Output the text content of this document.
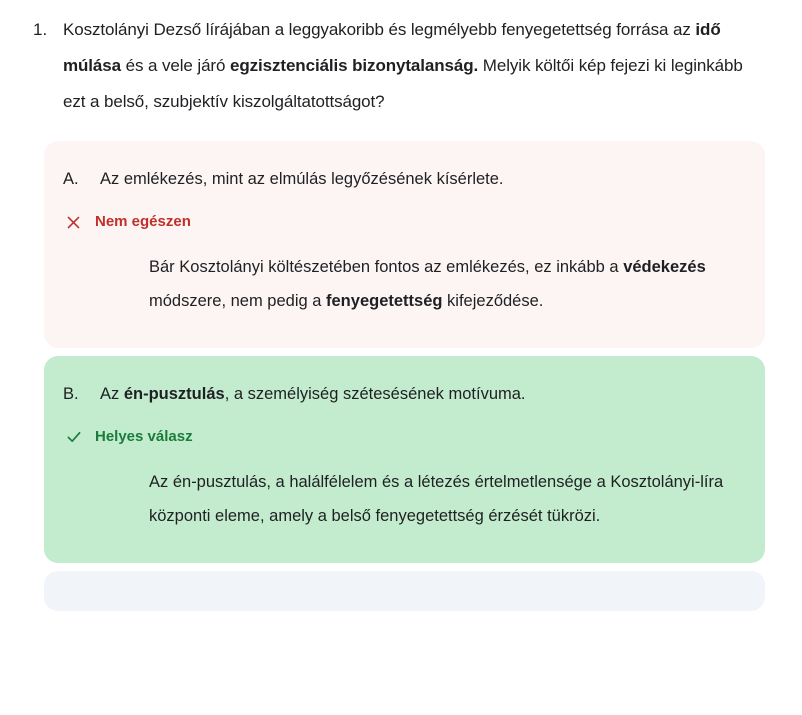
1. Kosztolányi Dezső lírájában a leggyakoribb és legmélyebb fenyegetettség forrása az idő múlása és a vele járó egzisztenciális bizonytalanság. Melyik költői kép fejezi ki leginkább ezt a belső, szubjektív kiszolgáltatottságot?
A.	Az emlékezés, mint az elmúlás legyőzésének kísérlete.
Nem egészen
Bár Kosztolányi költészetében fontos az emlékezés, ez inkább a védekezés módszere, nem pedig a fenyegetettség kifejeződése.
B.	Az én-pusztulás, a személyiség szétesésének motívuma.
Helyes válasz
Az én-pusztulás, a halálfélelem és a létezés értelmetlensége a Kosztolányi-líra központi eleme, amely a belső fenyegetettség érzését tükrözi.
